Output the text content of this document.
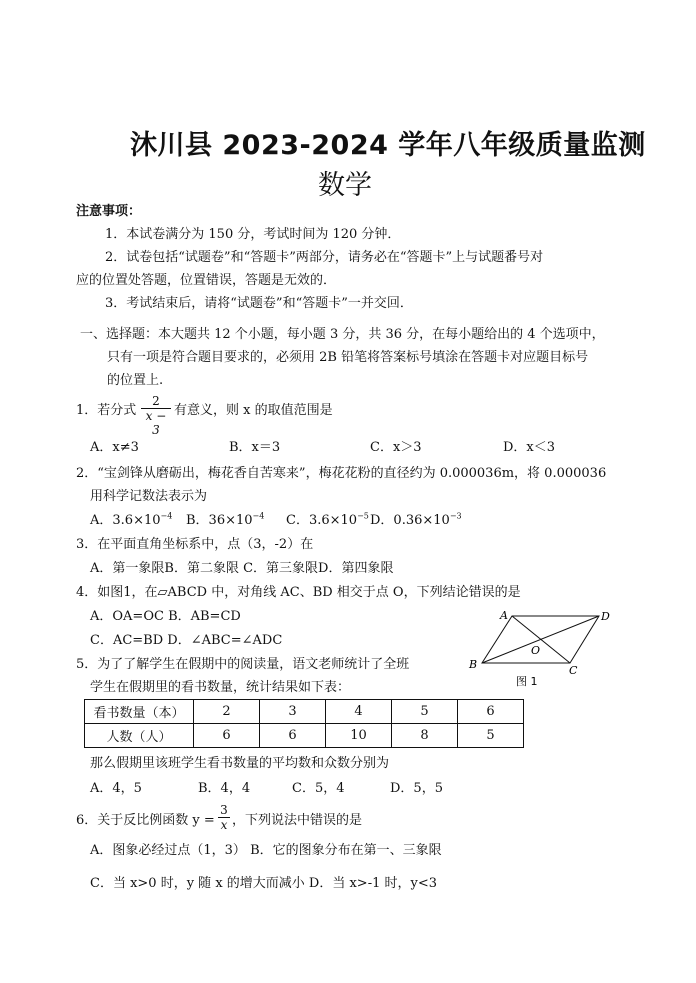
沐川县 2023-2024 学年八年级质量监测
数学
注意事项：
1．本试卷满分为 150 分，考试时间为 120 分钟．
2．试卷包括“试题卷”和“答题卡”两部分，请务必在“答题卡”上与试题番号对
应的位置处答题，位置错误，答题是无效的．
3．考试结束后，请将“试题卷”和“答题卡”一并交回．
一、选择题：本大题共 12 个小题，每小题 3 分，共 36 分，在每小题给出的 4 个选项中，
只有一项是符合题目要求的，必须用 2B 铅笔将答案标号填涂在答题卡对应题目标号
的位置上.
1．若分式 $\frac{2}{x - 3}$ 有意义，则 x 的取值范围是
A．x≠3	B．x＝3	C．x＞3	D．x＜3
2．“宝剑锋从磨砺出，梅花香自苦寒来”，梅花花粉的直径约为 0.000036m，将 0.000036
用科学记数法表示为
A．$3.6\times 10^{-4}$ B．$36\times 10^{-4}$ C．$3.6\times 10^{-5}$ D．$0.36\times 10^{-3}$
3．在平面直角坐标系中，点（3，-2）在
A．第一象限B．第二象限 C．第三象限D．第四象限
4．如图1，在▱ABCD 中，对角线 AC、BD 相交于点 O，下列结论错误的是
A．OA=OC B．AB=CD
C．AC=BD D．∠ABC=∠ADC
A	D
O
B	C
图 1
5．为了了解学生在假期中的阅读量，语文老师统计了全班
学生在假期里的看书数量，统计结果如下表：
看书数量（本）	2	3	4	5	6
人数（人）	6	6	10	8	5
那么假期里该班学生看书数量的平均数和众数分别为
A．4，5	B．4，4	C．5，4	D．5，5
6．关于反比例函数 $y = \frac{3}{x}$ ，下列说法中错误的是
A．图象必经过点（1，3） B．它的图象分布在第一、三象限
C．当 x>0 时，y 随 x 的增大而减小 D．当 x>-1 时，y<3
